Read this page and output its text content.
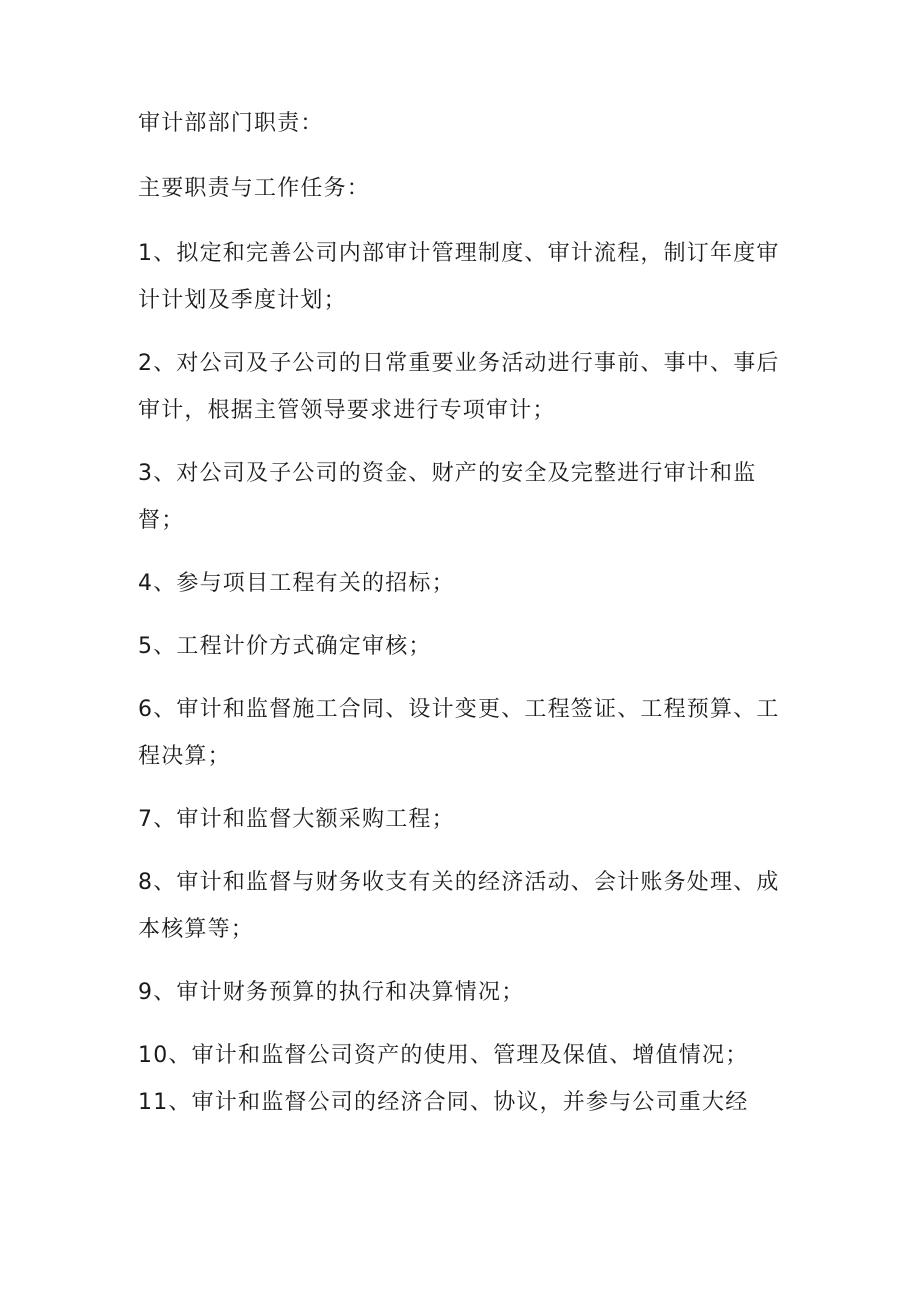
审计部部门职责：
主要职责与工作任务：
1、拟定和完善公司内部审计管理制度、审计流程，制订年度审
计计划及季度计划；
2、对公司及子公司的日常重要业务活动进行事前、事中、事后
审计，根据主管领导要求进行专项审计；
3、对公司及子公司的资金、财产的安全及完整进行审计和监
督；
4、参与项目工程有关的招标；
5、工程计价方式确定审核；
6、审计和监督施工合同、设计变更、工程签证、工程预算、工
程决算；
7、审计和监督大额采购工程；
8、审计和监督与财务收支有关的经济活动、会计账务处理、成
本核算等；
9、审计财务预算的执行和决算情况；
10、审计和监督公司资产的使用、管理及保值、增值情况；
11、审计和监督公司的经济合同、协议，并参与公司重大经
